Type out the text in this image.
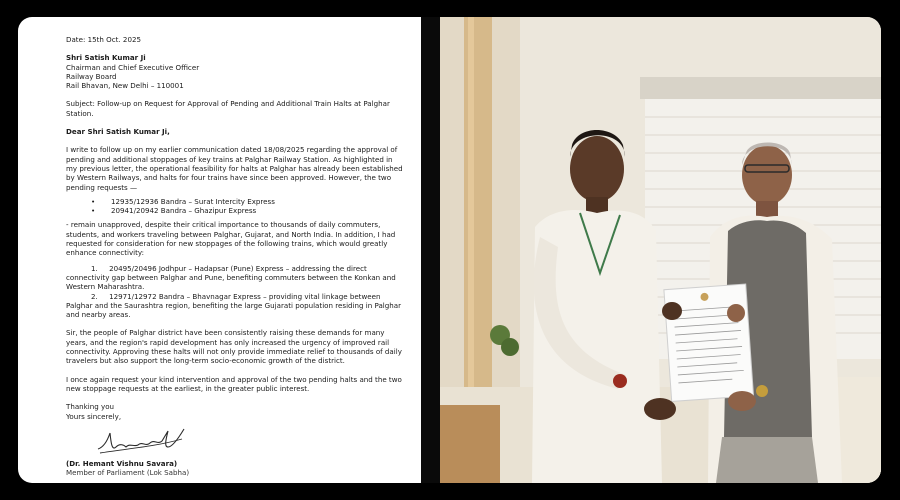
Date: 15th Oct. 2025

Shri Satish Kumar Ji

Chairman and Chief Executive Officer

Railway Board

Rail Bhavan, New Delhi – 110001

Subject: Follow-up on Request for Approval of Pending and Additional Train Halts at Palghar Station.

Dear Shri Satish Kumar Ji,

I write to follow up on my earlier communication dated 18/08/2025 regarding the approval of pending and additional stoppages of key trains at Palghar Railway Station. As highlighted in my previous letter, the operational feasibility for halts at Palghar has already been established by Western Railways, and halts for four trains have since been approved. However, the two pending requests —

•	12935/12936 Bandra – Surat Intercity Express
•	20941/20942 Bandra – Ghazipur Express

- remain unapproved, despite their critical importance to thousands of daily commuters, students, and workers traveling between Palghar, Gujarat, and North India. In addition, I had requested for consideration for new stoppages of the following trains, which would greatly enhance connectivity:

1. 20495/20496 Jodhpur – Hadapsar (Pune) Express – addressing the direct connectivity gap between Palghar and Pune, benefiting commuters between the Konkan and Western Maharashtra.

2. 12971/12972 Bandra – Bhavnagar Express – providing vital linkage between Palghar and the Saurashtra region, benefiting the large Gujarati population residing in Palghar and nearby areas.

Sir, the people of Palghar district have been consistently raising these demands for many years, and the region's rapid development has only increased the urgency of improved rail connectivity. Approving these halts will not only provide immediate relief to thousands of daily travelers but also support the long-term socio-economic growth of the district.

I once again request your kind intervention and approval of the two pending halts and the two new stoppage requests at the earliest, in the greater public interest.

Thanking you

Yours sincerely,

(Dr. Hemant Vishnu Savara)

Member of Parliament (Lok Sabha)
